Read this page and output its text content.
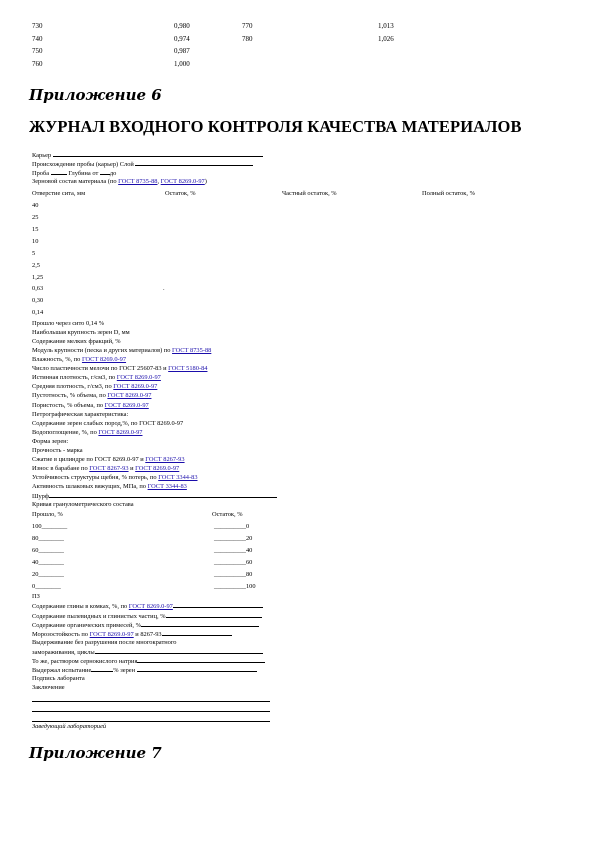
730	0,980	770	1,013
740	0,974	780	1,026
750	0,987
760	1,000
Приложение 6
ЖУРНАЛ ВХОДНОГО КОНТРОЛЯ КАЧЕСТВА МАТЕРИАЛОВ
Карьер
Происхождение пробы (карьер) Слой
Проба	Глубина от до
Зерновой состав материала (по ГОСТ 8735-88, ГОСТ 8269.0-97)
Отверстие сита, мм	Остаток, %	Частный остаток, %	Полный остаток, %
40
25
15
10
5
2,5
1,25
0,63	.
0,30
0,14
Прошло через сито 0,14 %
Наибольшая крупность зерен D, мм
Содержание мелких фракций, %
Модуль крупности (песка и других материалов) по ГОСТ 8735-88
Влажность, %, по ГОСТ 8269.0-97
Число пластичности мелочи по ГОСТ 25607-83 и ГОСТ 5180-84
Истинная плотность, г/см3, по ГОСТ 8269.0-97
Средняя плотность, г/см3, по ГОСТ 8269.0-97
Пустотность, % объема, по ГОСТ 8269.0-97
Пористость, % объема, по ГОСТ 8269.0-97
Петрографическая характеристика:
Содержание зерен слабых пород,%, по ГОСТ 8269.0-97
Водопоглощение, %, по ГОСТ 8269.0-97
Форма зерен:
Прочность - марка
Сжатие в цилиндре по ГОСТ 8269.0-97 и ГОСТ 8267-93
Износ в барабане по ГОСТ 8267-93 и ГОСТ 8269.0-97
Устойчивость структуры щебня, % потерь, по ГОСТ 3344-83
Активность шлаковых вяжущих, МПа, по ГОСТ 3344-83
Шурф
Кривая гранулометрического состава
Прошло, %	Остаток, %
100________	__________0
80________	__________20
60________	__________40
40________	__________60
20________	__________80
0________	__________100
ПЗ
Содержание глины в комках, %, по ГОСТ 8269.0-97
Содержание пылевидных и глинистых частиц, %
Содержание органических примесей, %
Морозостойкость по ГОСТ 8269.0-97 и 8267-93
Выдерживание без разрушения после многократного
замораживания, циклы
То же, раствором сернокислого натрия
Выдержал испытание	% зерен
Подпись лаборанта
Заключение
Заведующий лабораторией
Приложение 7
